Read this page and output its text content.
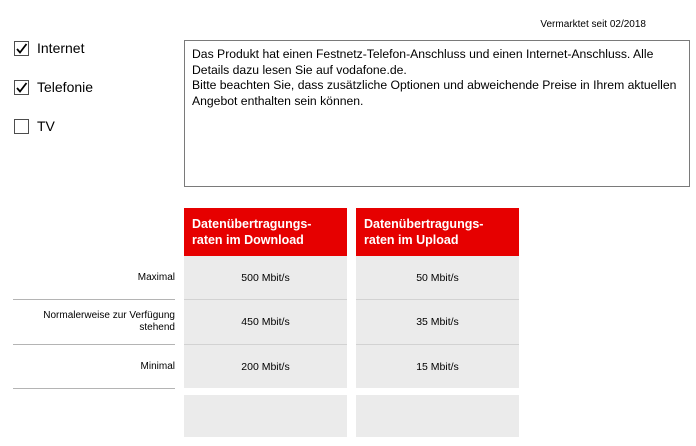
Vermarktet seit 02/2018
Internet
Telefonie
TV

Das Produkt hat einen Festnetz-Telefon-Anschluss und einen Internet-Anschluss. Alle Details dazu lesen Sie auf vodafone.de.

Bitte beachten Sie, dass zusätzliche Optionen und abweichende Preise in Ihrem aktuellen Angebot enthalten sein können.

Datenübertragungs-raten im Download
Datenübertragungs-raten im Upload
Maximal	500 Mbit/s	50 Mbit/s
Normalerweise zur Verfügung stehend	450 Mbit/s	35 Mbit/s
Minimal	200 Mbit/s	15 Mbit/s
